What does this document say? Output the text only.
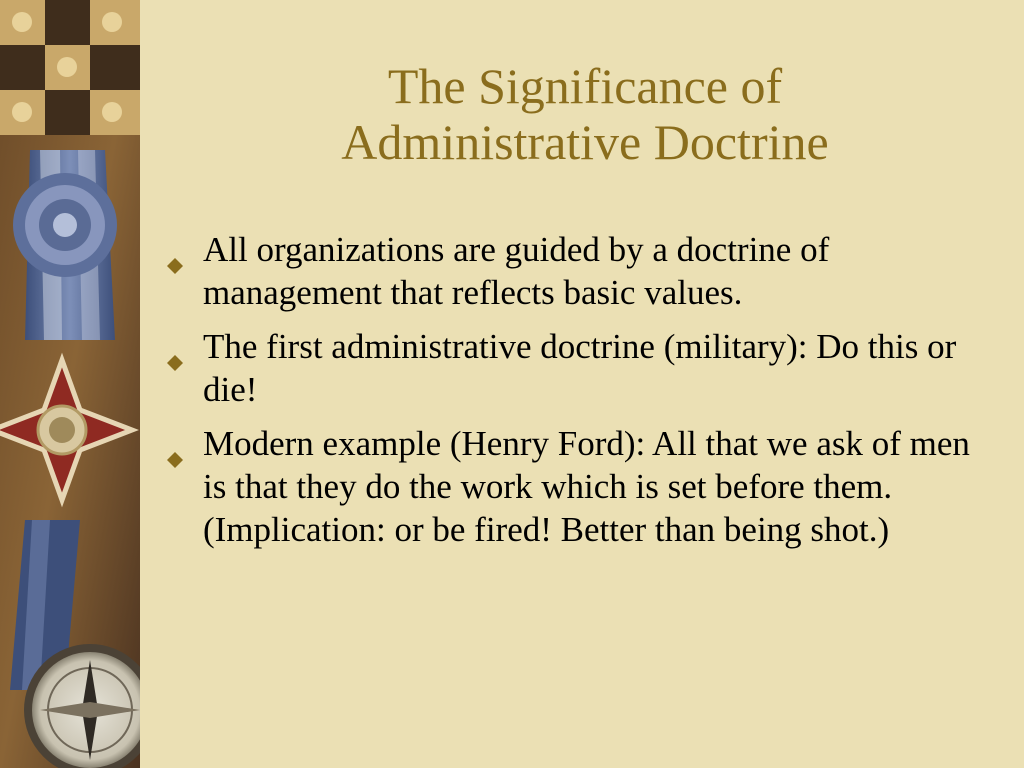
The Significance of
Administrative Doctrine
All organizations are guided by a doctrine of management that reflects basic values.
The first administrative doctrine (military): Do this or die!
Modern example (Henry Ford): All that we ask of men is that they do the work which is set before them. (Implication: or be fired! Better than being shot.)
